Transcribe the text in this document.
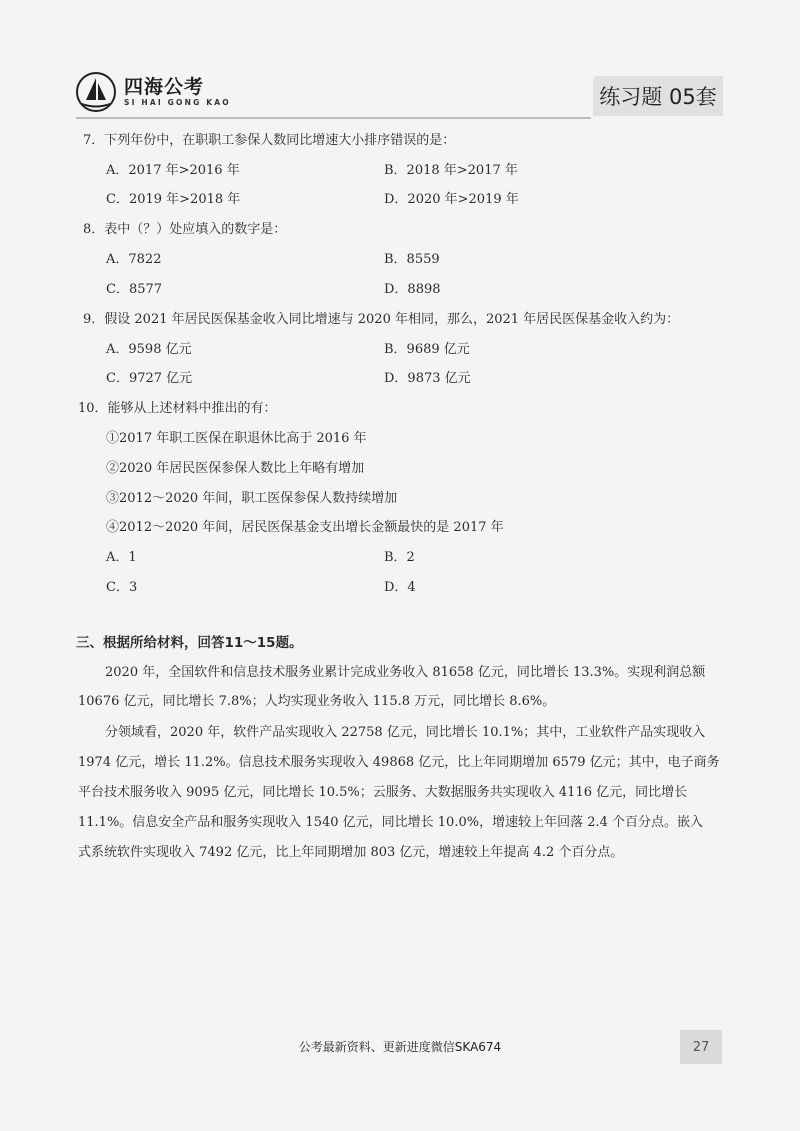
四海公考
SI HAI GONG KAO	练习题 05套
7．下列年份中，在职职工参保人数同比增速大小排序错误的是：
A．2017 年>2016 年	B．2018 年>2017 年
C．2019 年>2018 年	D．2020 年>2019 年
8．表中（？）处应填入的数字是：
A．7822	B．8559
C．8577	D．8898
9．假设 2021 年居民医保基金收入同比增速与 2020 年相同，那么，2021 年居民医保基金收入约为：
A．9598 亿元	B．9689 亿元
C．9727 亿元	D．9873 亿元
10．能够从上述材料中推出的有：
①2017 年职工医保在职退休比高于 2016 年
②2020 年居民医保参保人数比上年略有增加
③2012～2020 年间，职工医保参保人数持续增加
④2012～2020 年间，居民医保基金支出增长金额最快的是 2017 年
A．1	B．2
C．3	D．4
三、根据所给材料，回答11～15题。
2020 年，全国软件和信息技术服务业累计完成业务收入 81658 亿元，同比增长 13.3%。实现利润总额
10676 亿元，同比增长 7.8%；人均实现业务收入 115.8 万元，同比增长 8.6%。
分领域看，2020 年，软件产品实现收入 22758 亿元，同比增长 10.1%；其中，工业软件产品实现收入
1974 亿元，增长 11.2%。信息技术服务实现收入 49868 亿元，比上年同期增加 6579 亿元；其中，电子商务
平台技术服务收入 9095 亿元，同比增长 10.5%；云服务、大数据服务共实现收入 4116 亿元，同比增长
11.1%。信息安全产品和服务实现收入 1540 亿元，同比增长 10.0%，增速较上年回落 2.4 个百分点。嵌入
式系统软件实现收入 7492 亿元，比上年同期增加 803 亿元，增速较上年提高 4.2 个百分点。
公考最新资料、更新进度微信SKA674	27
